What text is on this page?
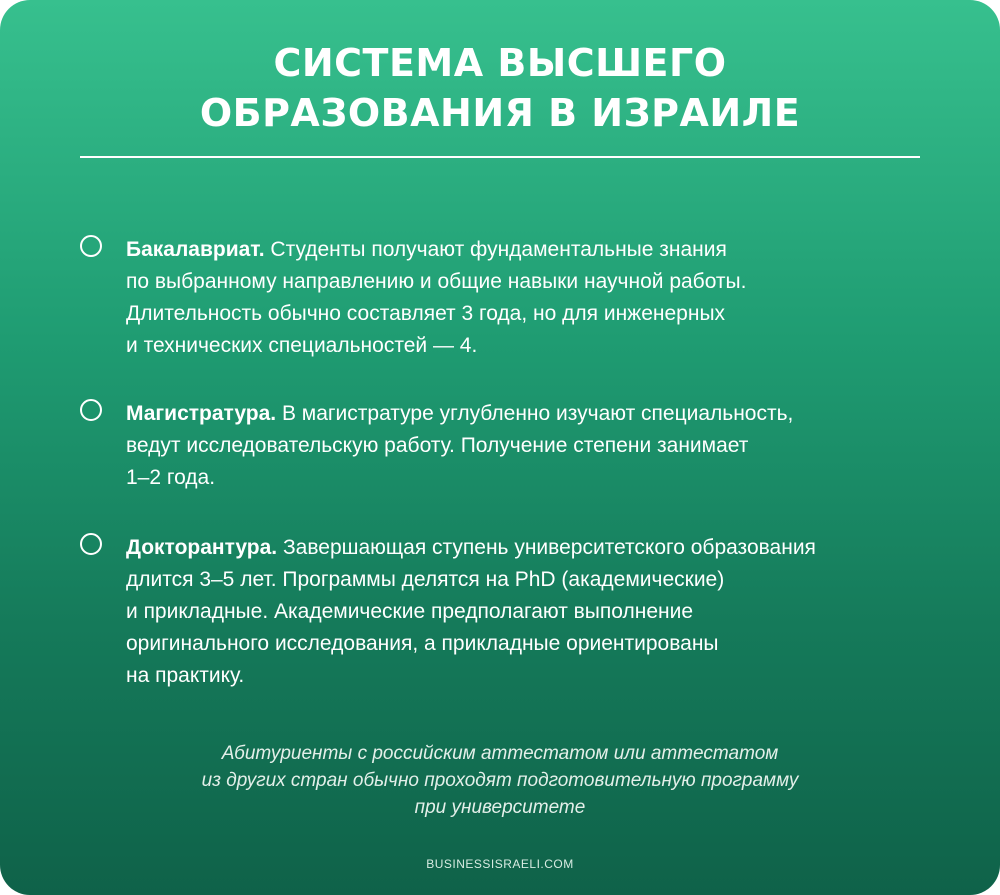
СИСТЕМА ВЫСШЕГО
ОБРАЗОВАНИЯ В ИЗРАИЛЕ
Бакалавриат. Студенты получают фундаментальные знания
по выбранному направлению и общие навыки научной работы.
Длительность обычно составляет 3 года, но для инженерных
и технических специальностей — 4.
Магистратура. В магистратуре углубленно изучают специальность,
ведут исследовательскую работу. Получение степени занимает
1–2 года.
Докторантура. Завершающая ступень университетского образования
длится 3–5 лет. Программы делятся на PhD (академические)
и прикладные. Академические предполагают выполнение
оригинального исследования, а прикладные ориентированы
на практику.
Абитуриенты с российским аттестатом или аттестатом
из других стран обычно проходят подготовительную программу
при университете
BUSINESSISRAELI.COM
